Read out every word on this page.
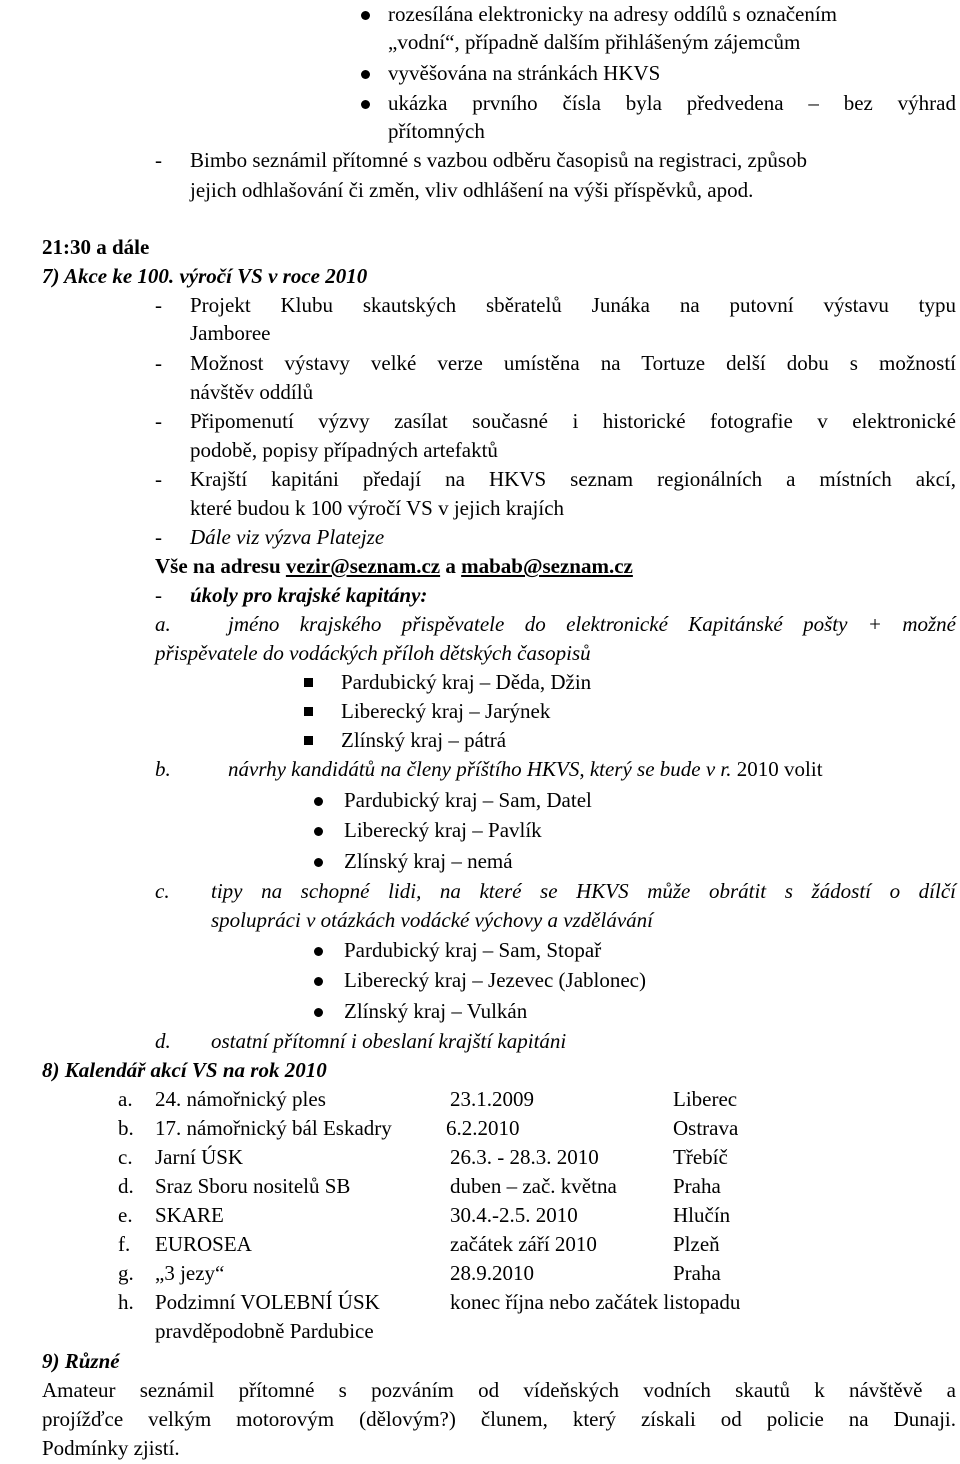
rozesílána elektronicky na adresy oddílů s označením
„vodní“, případně dalším přihlášeným zájemcům
vyvěšována na stránkách HKVS
ukázka prvního čísla byla předvedena – bez výhrad
přítomných
- Bimbo seznámil přítomné s vazbou odběru časopisů na registraci, způsob
jejich odhlašování či změn, vliv odhlášení na výši příspěvků, apod.
21:30 a dále
7) Akce ke 100. výročí VS v roce 2010
- Projekt Klubu skautských sběratelů Junáka na putovní výstavu typu
Jamboree
- Možnost výstavy velké verze umístěna na Tortuze delší dobu s možností
návštěv oddílů
- Připomenutí výzvy zasílat současné i historické fotografie v elektronické
podobě, popisy případných artefaktů
- Krajští kapitáni předají na HKVS seznam regionálních a místních akcí,
které budou k 100 výročí VS v jejich krajích
- Dále viz výzva Platejze
Vše na adresu vezir@seznam.cz a mabab@seznam.cz
- úkoly pro krajské kapitány:
a.	jméno krajského přispěvatele do elektronické Kapitánské pošty + možné
přispěvatele do vodáckých příloh dětských časopisů
Pardubický kraj – Děda, Džin
Liberecký kraj – Jarýnek
Zlínský kraj – pátrá
b.	návrhy kandidátů na členy příštího HKVS, který se bude v r. 2010 volit
Pardubický kraj – Sam, Datel
Liberecký kraj – Pavlík
Zlínský kraj – nemá
c. tipy na schopné lidi, na které se HKVS může obrátit s žádostí o dílčí
spolupráci v otázkách vodácké výchovy a vzdělávání
Pardubický kraj – Sam, Stopař
Liberecký kraj – Jezevec (Jablonec)
Zlínský kraj – Vulkán
d. ostatní přítomní i obeslaní krajští kapitáni
8) Kalendář akcí VS na rok 2010
a. 24. námořnický ples	23.1.2009	Liberec
b. 17. námořnický bál Eskadry	6.2.2010	Ostrava
c. Jarní ÚSK	26.3. - 28.3. 2010	Třebíč
d. Sraz Sboru nositelů SB	duben – zač. května	Praha
e. SKARE	30.4.-2.5. 2010	Hlučín
f. EUROSEA	začátek září 2010	Plzeň
g. „3 jezy“	28.9.2010	Praha
h. Podzimní VOLEBNÍ ÚSK	konec října nebo začátek listopadu
pravděpodobně Pardubice
9) Různé
Amateur seznámil přítomné s pozváním od vídeňských vodních skautů k návštěvě a
projížďce velkým motorovým (dělovým?) člunem, který získali od policie na Dunaji.
Podmínky zjistí.
